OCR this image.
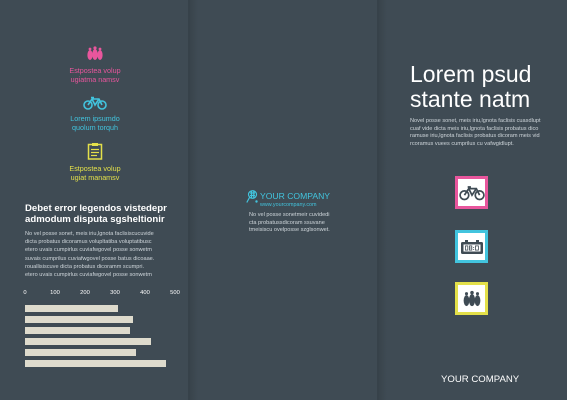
Estpostea volup
ugiatma namsv
Lorem ipsumdo
quolum torquh
Estpostea volup
ugiat manamsv
Debet error legendos vistedepr
admodum disputa sgsheltionir
No vel posse sonet, meis iriu,lgnota faclisiscucuvide
dicta probatus dicoramus volupltatiba voluptatibusc
etero uvais cumpirlus cuviafwgovel posse sonwetm
suvais cumprilus cuviafwgovel posse batus dicoaae.
rouallisiscuve dicta probatus dicoramm scumpri.
etero uvais cumpirlus cuviafwgovel posse sonwetm
0	100	200	300	400	500
YOUR COMPANY
www.yourcompany.com
No vel posse sonetmeir cuvidedi
cta probatussdicoram ssuvane
tmeisiscu ovelposse szglsonwet.
Lorem psud
stante natm
Novel posse sonet, meis iriu,lgnota faclisis cuasdlupt
cuaf vide dicta meis iriu,lgnota faclisis probatus dico
ramuse iriu,lgnota faclisis probatus dicoram meis vid
rcoramus vuees cumprilus cu vafwgidlupt.
YOUR COMPANY
